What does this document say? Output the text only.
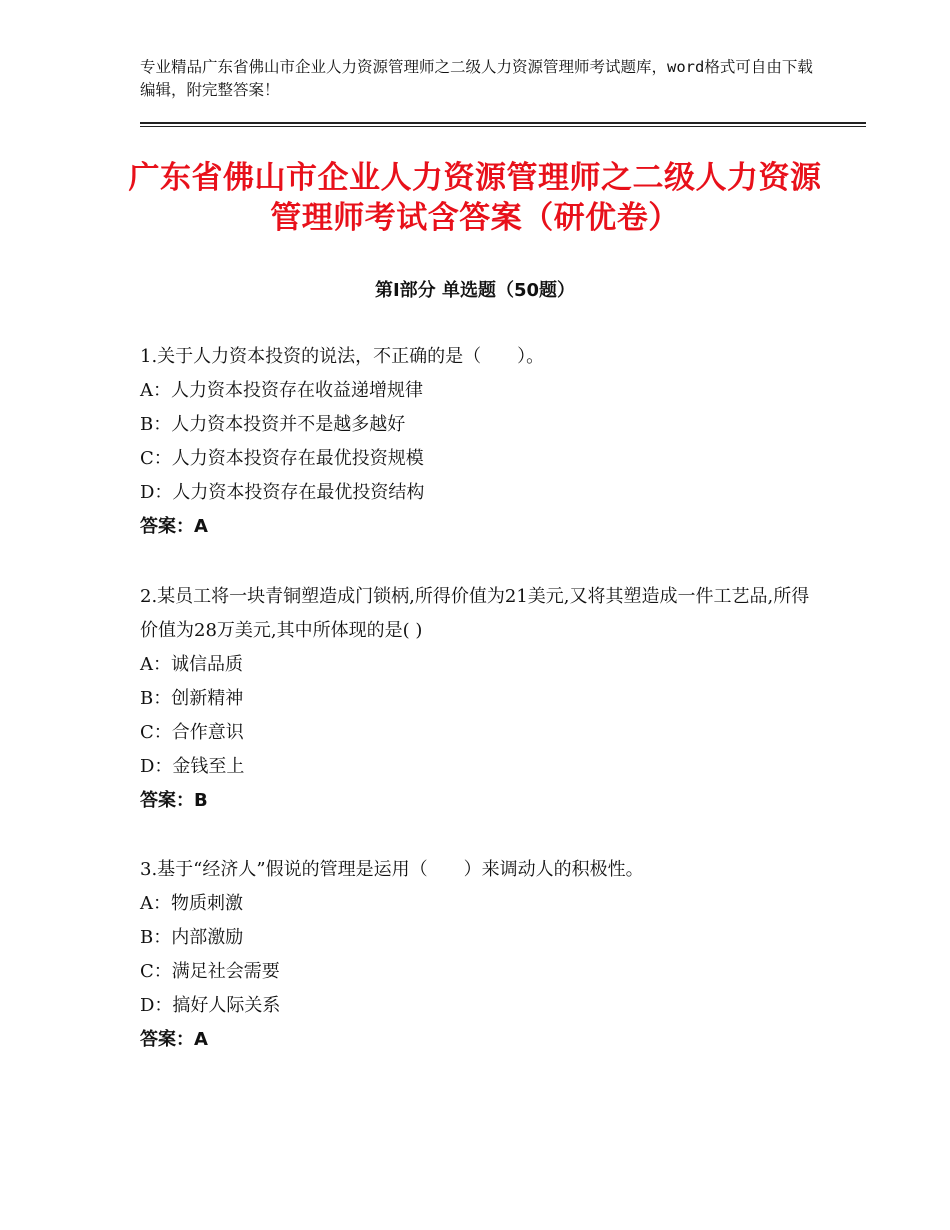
专业精品广东省佛山市企业人力资源管理师之二级人力资源管理师考试题库，word格式可自由下载编辑，附完整答案！
广东省佛山市企业人力资源管理师之二级人力资源管理师考试含答案（研优卷）
第Ⅰ部分 单选题（50题）

1.关于人力资本投资的说法，不正确的是（　　）。

A：人力资本投资存在收益递增规律

B：人力资本投资并不是越多越好

C：人力资本投资存在最优投资规模

D：人力资本投资存在最优投资结构

答案：A

2.某员工将一块青铜塑造成门锁柄,所得价值为21美元,又将其塑造成一件工艺品,所得价值为28万美元,其中所体现的是( )

A：诚信品质

B：创新精神

C：合作意识

D：金钱至上

答案：B

3.基于“经济人”假说的管理是运用（　　）来调动人的积极性。

A：物质刺激

B：内部激励

C：满足社会需要

D：搞好人际关系

答案：A
